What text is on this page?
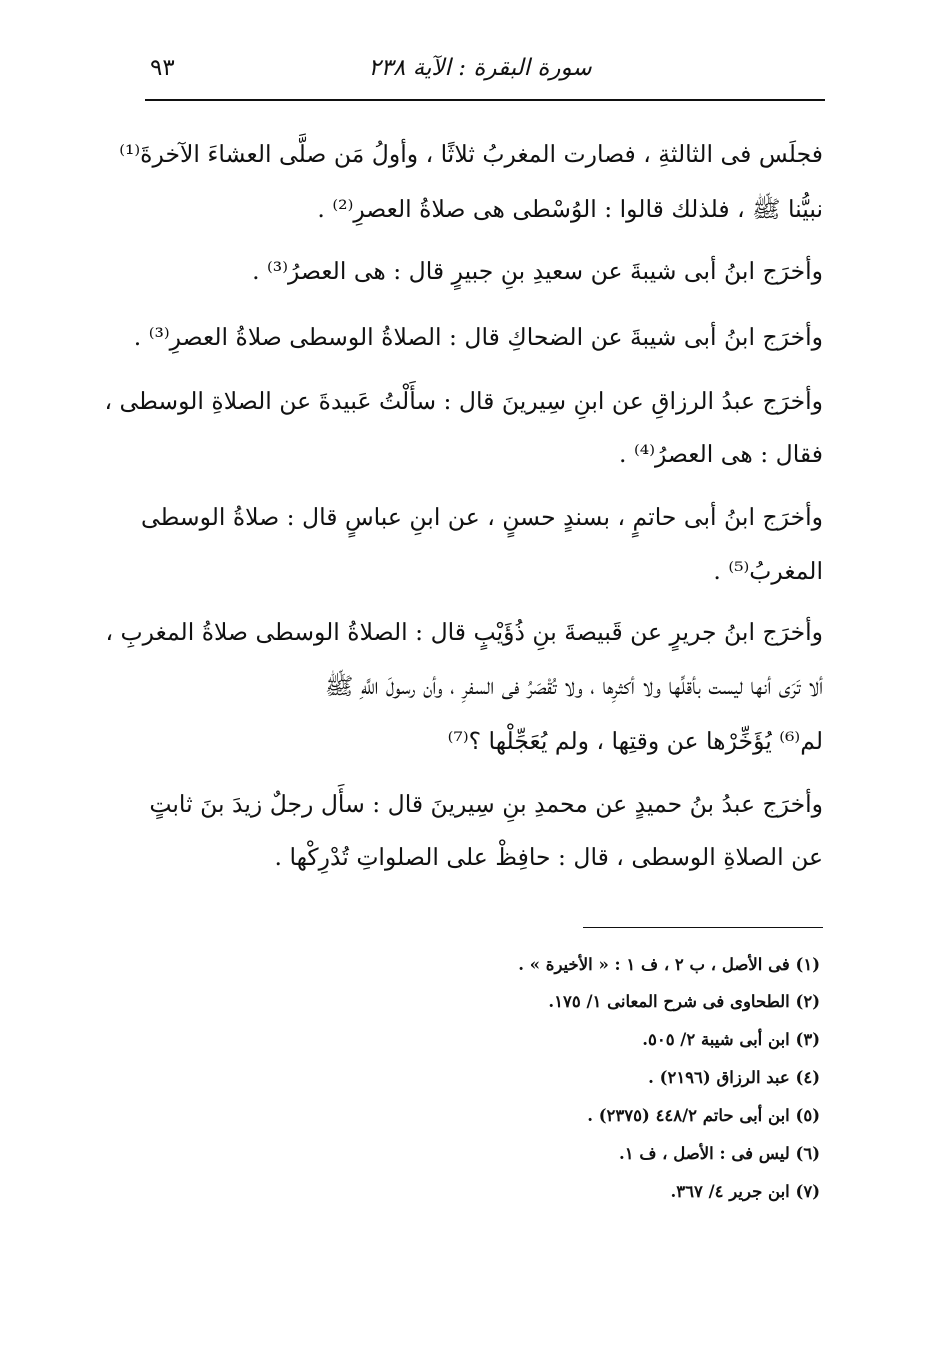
٩٣	سورة البقرة : الآية ٢٣٨
فجلَس فى الثالثةِ ، فصارت المغربُ ثلاثًا ، وأولُ مَن صلَّى العشاءَ الآخرةَ⁽¹⁾
نبيُّنا ﷺ ، فلذلك قالوا : الوُسْطى هى صلاةُ العصرِ⁽²⁾ .
وأخرَج ابنُ أبى شيبةَ عن سعيدِ بنِ جبيرٍ قال : هى العصرُ⁽³⁾ .
وأخرَج ابنُ أبى شيبةَ عن الضحاكِ قال : الصلاةُ الوسطى صلاةُ العصرِ⁽³⁾ .
وأخرَج عبدُ الرزاقِ عن ابنِ سِيرينَ قال : سأَلْتُ عَبيدةَ عن الصلاةِ الوسطى ،
فقال : هى العصرُ⁽⁴⁾ .
وأخرَج ابنُ أبى حاتمٍ ، بسندٍ حسنٍ ، عن ابنِ عباسٍ قال : صلاةُ الوسطى
المغربُ⁽⁵⁾ .
وأخرَج ابنُ جريرٍ عن قَبيصةَ بنِ ذُؤَيْبٍ قال : الصلاةُ الوسطى صلاةُ المغربِ ،
ألا تَرَى أنها ليست بأقلِّها ولا أكثرِها ، ولا تُقْصَرُ فى السفرِ ، وأن رسولَ اللَّهِ ﷺ
لم⁽⁶⁾ يُؤَخِّرْها عن وقتِها ، ولم يُعَجِّلْها ؟⁽⁷⁾
وأخرَج عبدُ بنُ حميدٍ عن محمدِ بنِ سِيرينَ قال : سأَل رجلٌ زيدَ بنَ ثابتٍ
عن الصلاةِ الوسطى ، قال : حافِظْ على الصلواتِ تُدْرِكْها .
(١) فى الأصل ، ب ٢ ، ف ١ : « الأخيرة » .
(٢) الطحاوى فى شرح المعانى ١/ ١٧٥.
(٣) ابن أبى شيبة ٢/ ٥٠٥.
(٤) عبد الرزاق (٢١٩٦) .
(٥) ابن أبى حاتم ٤٤٨/٢ (٢٣٧٥) .
(٦) ليس فى : الأصل ، ف ١.
(٧) ابن جرير ٤/ ٣٦٧.
